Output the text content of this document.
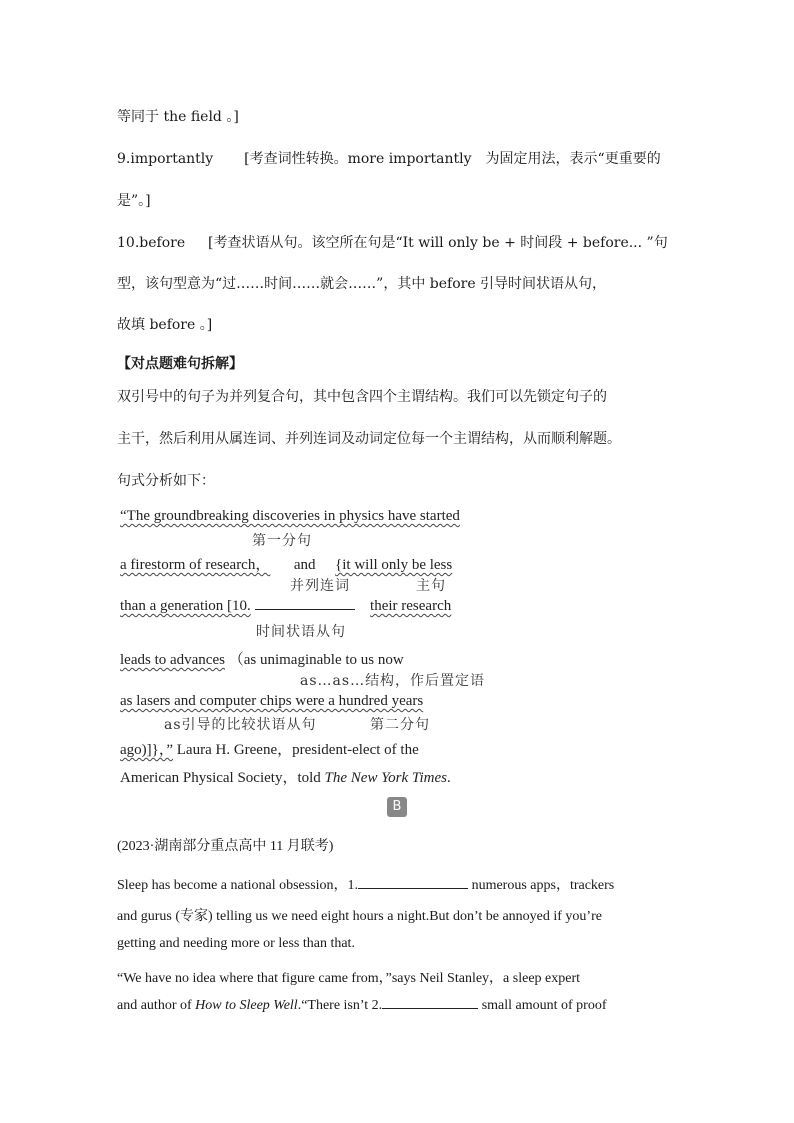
等同于 the field 。]
9.importantly [考查词性转换。more importantly　为固定用法，表示“更重要的
是”。]
10.before [考查状语从句。该空所在句是“It will only be + 时间段 + before... ”句
型，该句型意为“过……时间……就会……”，其中 before 引导时间状语从句，
故填 before 。]
【对点题难句拆解】
双引号中的句子为并列复合句，其中包含四个主谓结构。我们可以先锁定句子的
主干，然后利用从属连词、并列连词及动词定位每一个主谓结构，从而顺利解题。
句式分析如下：
“The groundbreaking discoveries in physics have started
第一分句
a firestorm of research， and {it will only be less
并列连词	主句
than a generation [10.	their research
时间状语从句
leads to advances （as unimaginable to us now
as…as…结构，作后置定语
as lasers and computer chips were a hundred years
as引导的比较状语从句	第二分句
ago)]}，” Laura H. Greene，president-elect of the
American Physical Society，told The New York Times.
B
(2023·湖南部分重点高中 11 月联考)
Sleep has become a national obsession，1.	numerous apps，trackers
and gurus (专家) telling us we need eight hours a night.But don’t be annoyed if you’re
getting and needing more or less than that.
“We have no idea where that figure came from，”says Neil Stanley，a sleep expert
and author of How to Sleep Well.“There isn’t 2.	small amount of proof
